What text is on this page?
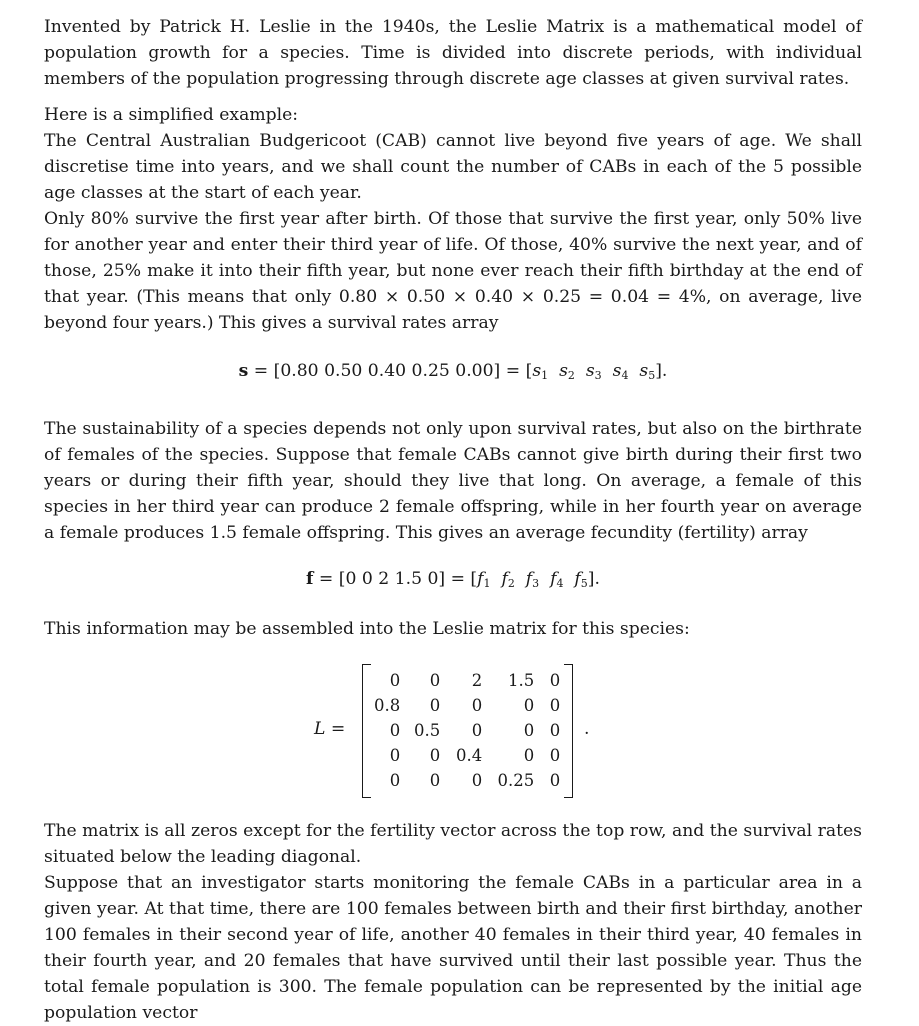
Invented by Patrick H. Leslie in the 1940s, the Leslie Matrix is a mathematical model of population growth for a species. Time is divided into discrete periods, with individual members of the population progressing through discrete age classes at given survival rates.

Here is a simplified example:

The Central Australian Budgericoot (CAB) cannot live beyond five years of age. We shall discretise time into years, and we shall count the number of CABs in each of the 5 possible age classes at the start of each year.

Only 80% survive the first year after birth. Of those that survive the first year, only 50% live for another year and enter their third year of life. Of those, 40% survive the next year, and of those, 25% make it into their fifth year, but none ever reach their fifth birthday at the end of that year. (This means that only 0.80 × 0.50 × 0.40 × 0.25 = 0.04 = 4%, on average, live beyond four years.) This gives a survival rates array

s = [0.80 0.50 0.40 0.25 $0.00] = [s_1$ $s_2$ $s_3$ $s_4$ $s_5$].

The sustainability of a species depends not only upon survival rates, but also on the birthrate of females of the species. Suppose that female CABs cannot give birth during their first two years or during their fifth year, should they live that long. On average, a female of this species in her third year can produce 2 female offspring, while in her fourth year on average a female produces 1.5 female offspring. This gives an average fecundity (fertility) array

f = [0 0 2 1.5 $0] = [f_1$ $f_2$ $f_3$ $f_4$ $f_5$].

This information may be assembled into the Leslie matrix for this species:

L =
0	0	2	1.5	0
0.8	0	0	0	0
0	0.5	0	0	0
0	0	0.4	0	0
0	0	0	0.25	0
.

The matrix is all zeros except for the fertility vector across the top row, and the survival rates situated below the leading diagonal.

Suppose that an investigator starts monitoring the female CABs in a particular area in a given year. At that time, there are 100 females between birth and their first birthday, another 100 females in their second year of life, another 40 females in their third year, 40 females in their fourth year, and 20 females that have survived until their last possible year. Thus the total female population is 300. The female population can be represented by the initial age population vector
